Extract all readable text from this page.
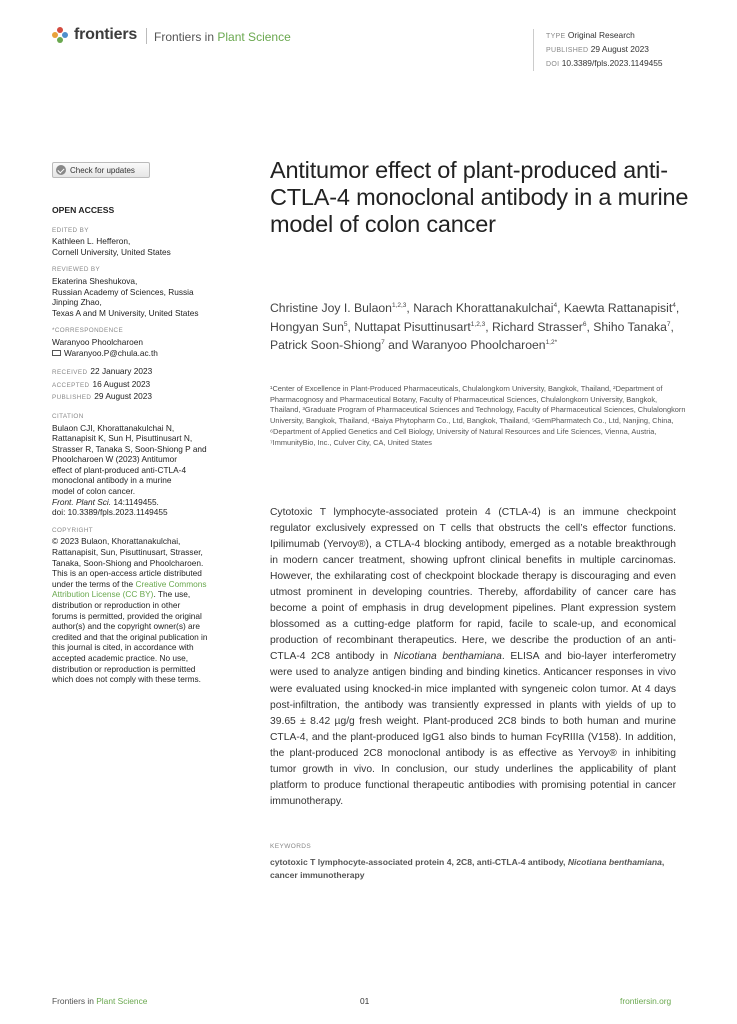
frontiers Frontiers in Plant Science	TYPE Original Research
PUBLISHED 29 August 2023
DOI 10.3389/fpls.2023.1149455
Check for updates
OPEN ACCESS
EDITED BY
Kathleen L. Hefferon,
Cornell University, United States
REVIEWED BY
Ekaterina Sheshukova,
Russian Academy of Sciences, Russia
Jinping Zhao,
Texas A and M University, United States
*CORRESPONDENCE
Waranyoo Phoolcharoen
Waranyoo.P@chula.ac.th
RECEIVED 22 January 2023
ACCEPTED 16 August 2023
PUBLISHED 29 August 2023
CITATION
Bulaon CJI, Khorattanakulchai N,
Rattanapisit K, Sun H, Pisuttinusart N,
Strasser R, Tanaka S, Soon-Shiong P and
Phoolcharoen W (2023) Antitumor
effect of plant-produced anti-CTLA-4
monoclonal antibody in a murine
model of colon cancer.
Front. Plant Sci. 14:1149455.
doi: 10.3389/fpls.2023.1149455
COPYRIGHT
© 2023 Bulaon, Khorattanakulchai,
Rattanapisit, Sun, Pisuttinusart, Strasser,
Tanaka, Soon-Shiong and Phoolcharoen.
This is an open-access article distributed
under the terms of the Creative Commons
Attribution License (CC BY). The use,
distribution or reproduction in other
forums is permitted, provided the original
author(s) and the copyright owner(s) are
credited and that the original publication in
this journal is cited, in accordance with
accepted academic practice. No use,
distribution or reproduction is permitted
which does not comply with these terms.
Antitumor effect of plant-produced anti-CTLA-4 monoclonal antibody in a murine model of colon cancer
Christine Joy I. Bulaon$^{1,2,3}$, Narach Khorattanakulchai$^4$, Kaewta Rattanapisit$^4$, Hongyan Sun$^5$, Nuttapat Pisuttinusart$^{1,2,3}$, Richard Strasser$^6$, Shiho Tanaka$^7$, Patrick Soon-Shiong$^7$ and Waranyoo Phoolcharoen$^{1,2*}$
¹Center of Excellence in Plant-Produced Pharmaceuticals, Chulalongkorn University, Bangkok, Thailand, ²Department of Pharmacognosy and Pharmaceutical Botany, Faculty of Pharmaceutical Sciences, Chulalongkorn University, Bangkok, Thailand, ³Graduate Program of Pharmaceutical Sciences and Technology, Faculty of Pharmaceutical Sciences, Chulalongkorn University, Bangkok, Thailand, ⁴Baiya Phytopharm Co., Ltd, Bangkok, Thailand, ⁵GemPharmatech Co., Ltd, Nanjing, China, ⁶Department of Applied Genetics and Cell Biology, University of Natural Resources and Life Sciences, Vienna, Austria, ⁷ImmunityBio, Inc., Culver City, CA, United States
Cytotoxic T lymphocyte-associated protein 4 (CTLA-4) is an immune checkpoint regulator exclusively expressed on T cells that obstructs the cell’s effector functions. Ipilimumab (Yervoy®), a CTLA-4 blocking antibody, emerged as a notable breakthrough in modern cancer treatment, showing upfront clinical benefits in multiple carcinomas. However, the exhilarating cost of checkpoint blockade therapy is discouraging and even utmost prominent in developing countries. Thereby, affordability of cancer care has become a point of emphasis in drug development pipelines. Plant expression system blossomed as a cutting-edge platform for rapid, facile to scale-up, and economical production of recombinant therapeutics. Here, we describe the production of an anti-CTLA-4 2C8 antibody in Nicotiana benthamiana. ELISA and bio-layer interferometry were used to analyze antigen binding and binding kinetics. Anticancer responses in vivo were evaluated using knocked-in mice implanted with syngeneic colon tumor. At 4 days post-infiltration, the antibody was transiently expressed in plants with yields of up to 39.65 ± 8.42 µg/g fresh weight. Plant-produced 2C8 binds to both human and murine CTLA-4, and the plant-produced IgG1 also binds to human FcγRIIIa (V158). In addition, the plant-produced 2C8 monoclonal antibody is as effective as Yervoy® in inhibiting tumor growth in vivo. In conclusion, our study underlines the applicability of plant platform to produce functional therapeutic antibodies with promising potential in cancer immunotherapy.
KEYWORDS
cytotoxic T lymphocyte-associated protein 4, 2C8, anti-CTLA-4 antibody, Nicotiana benthamiana, cancer immunotherapy
Frontiers in Plant Science	01	frontiersin.org
